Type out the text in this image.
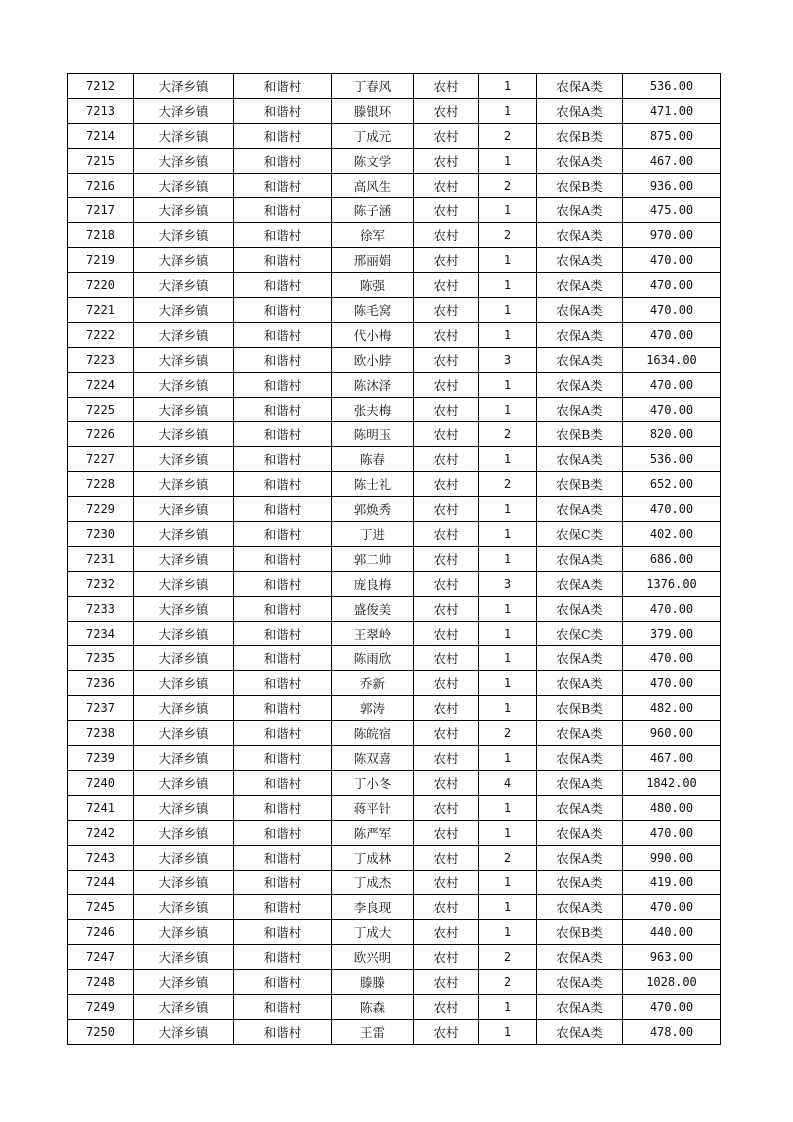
7212	大泽乡镇	和谐村	丁春风	农村	1	农保A类	536.00
7213	大泽乡镇	和谐村	滕银环	农村	1	农保A类	471.00
7214	大泽乡镇	和谐村	丁成元	农村	2	农保B类	875.00
7215	大泽乡镇	和谐村	陈文学	农村	1	农保A类	467.00
7216	大泽乡镇	和谐村	高风生	农村	2	农保B类	936.00
7217	大泽乡镇	和谐村	陈子涵	农村	1	农保A类	475.00
7218	大泽乡镇	和谐村	徐军	农村	2	农保A类	970.00
7219	大泽乡镇	和谐村	邢丽娟	农村	1	农保A类	470.00
7220	大泽乡镇	和谐村	陈强	农村	1	农保A类	470.00
7221	大泽乡镇	和谐村	陈毛窝	农村	1	农保A类	470.00
7222	大泽乡镇	和谐村	代小梅	农村	1	农保A类	470.00
7223	大泽乡镇	和谐村	欧小脖	农村	3	农保A类	1634.00
7224	大泽乡镇	和谐村	陈沐泽	农村	1	农保A类	470.00
7225	大泽乡镇	和谐村	张夫梅	农村	1	农保A类	470.00
7226	大泽乡镇	和谐村	陈明玉	农村	2	农保B类	820.00
7227	大泽乡镇	和谐村	陈春	农村	1	农保A类	536.00
7228	大泽乡镇	和谐村	陈士礼	农村	2	农保B类	652.00
7229	大泽乡镇	和谐村	郭焕秀	农村	1	农保A类	470.00
7230	大泽乡镇	和谐村	丁进	农村	1	农保C类	402.00
7231	大泽乡镇	和谐村	郭二帅	农村	1	农保A类	686.00
7232	大泽乡镇	和谐村	庞良梅	农村	3	农保A类	1376.00
7233	大泽乡镇	和谐村	盛俊美	农村	1	农保A类	470.00
7234	大泽乡镇	和谐村	王翠岭	农村	1	农保C类	379.00
7235	大泽乡镇	和谐村	陈雨欣	农村	1	农保A类	470.00
7236	大泽乡镇	和谐村	乔新	农村	1	农保A类	470.00
7237	大泽乡镇	和谐村	郭涛	农村	1	农保B类	482.00
7238	大泽乡镇	和谐村	陈皖宿	农村	2	农保A类	960.00
7239	大泽乡镇	和谐村	陈双喜	农村	1	农保A类	467.00
7240	大泽乡镇	和谐村	丁小冬	农村	4	农保A类	1842.00
7241	大泽乡镇	和谐村	蒋平针	农村	1	农保A类	480.00
7242	大泽乡镇	和谐村	陈严军	农村	1	农保A类	470.00
7243	大泽乡镇	和谐村	丁成林	农村	2	农保A类	990.00
7244	大泽乡镇	和谐村	丁成杰	农村	1	农保A类	419.00
7245	大泽乡镇	和谐村	李良现	农村	1	农保A类	470.00
7246	大泽乡镇	和谐村	丁成大	农村	1	农保B类	440.00
7247	大泽乡镇	和谐村	欧兴明	农村	2	农保A类	963.00
7248	大泽乡镇	和谐村	滕滕	农村	2	农保A类	1028.00
7249	大泽乡镇	和谐村	陈森	农村	1	农保A类	470.00
7250	大泽乡镇	和谐村	王雷	农村	1	农保A类	478.00
